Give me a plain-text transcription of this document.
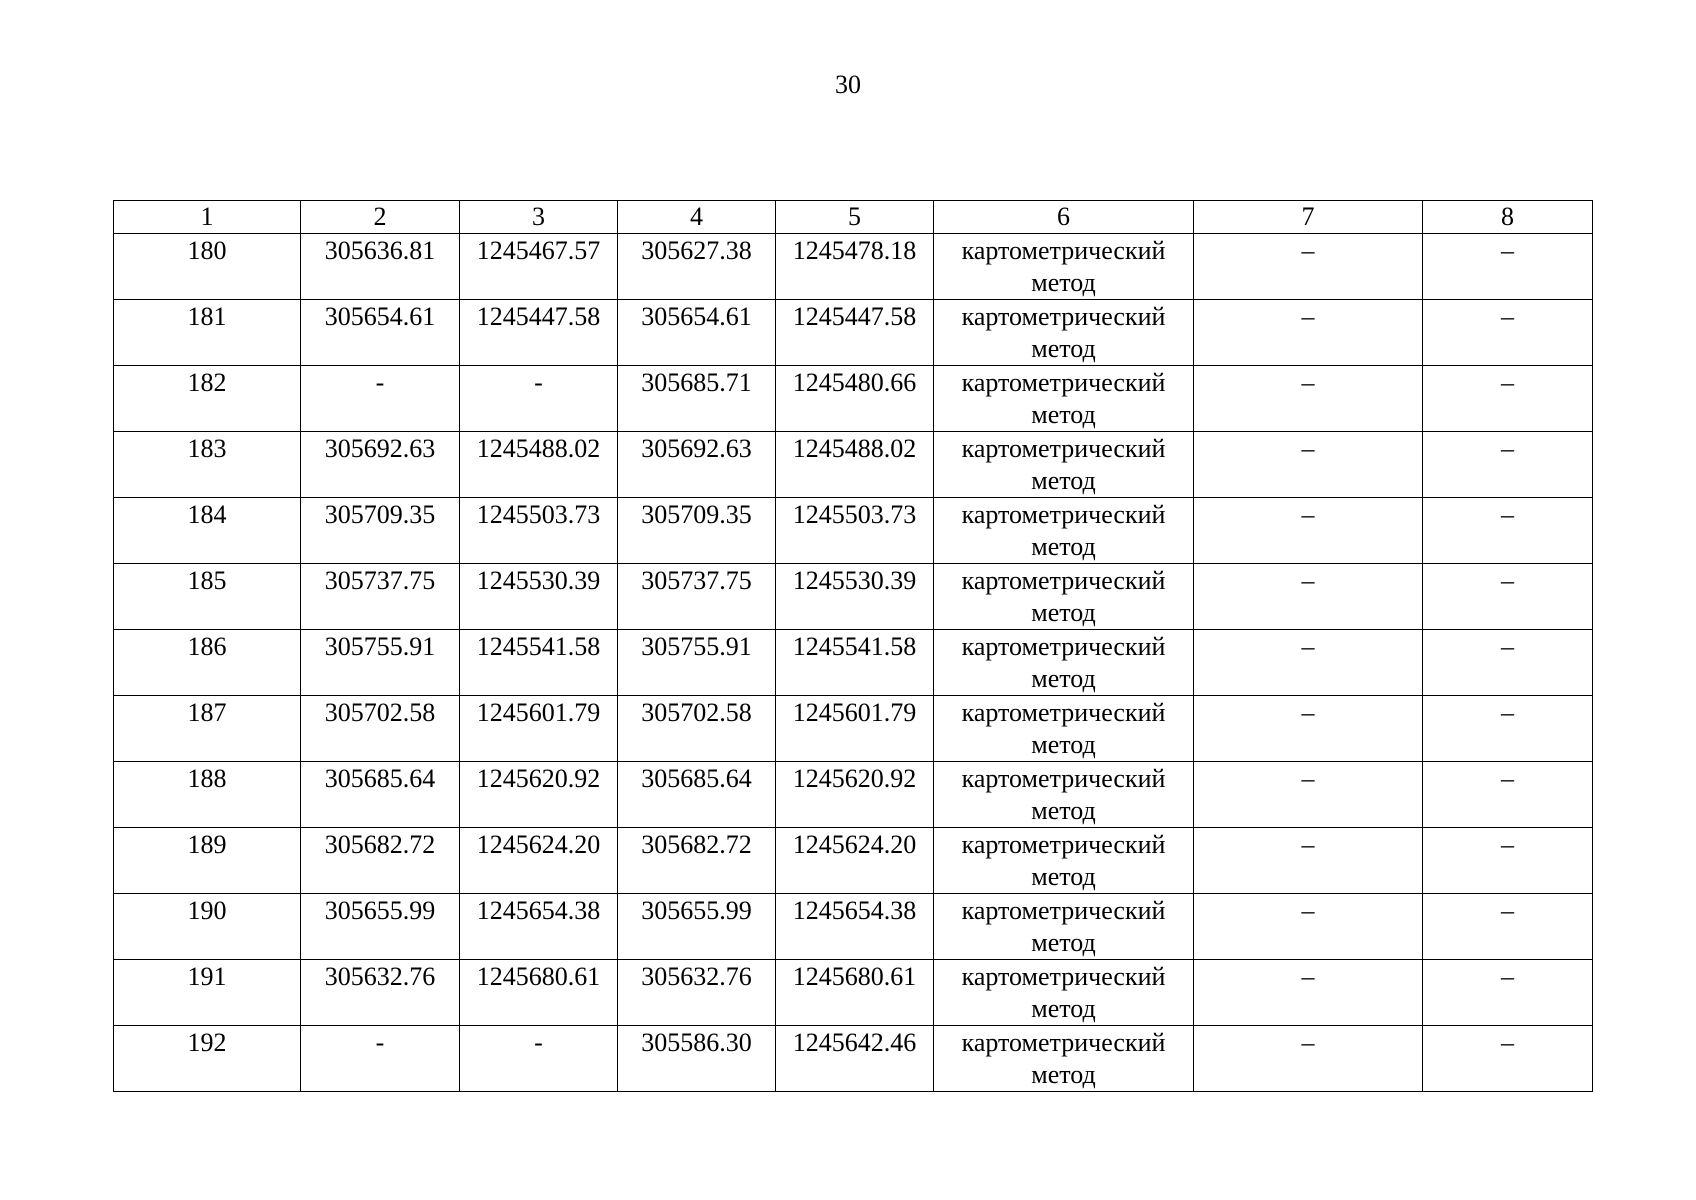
30
1	2	3	4	5	6	7	8
180	305636.81	1245467.57	305627.38	1245478.18	картометрический метод	–	–
181	305654.61	1245447.58	305654.61	1245447.58	картометрический метод	–	–
182	-	-	305685.71	1245480.66	картометрический метод	–	–
183	305692.63	1245488.02	305692.63	1245488.02	картометрический метод	–	–
184	305709.35	1245503.73	305709.35	1245503.73	картометрический метод	–	–
185	305737.75	1245530.39	305737.75	1245530.39	картометрический метод	–	–
186	305755.91	1245541.58	305755.91	1245541.58	картометрический метод	–	–
187	305702.58	1245601.79	305702.58	1245601.79	картометрический метод	–	–
188	305685.64	1245620.92	305685.64	1245620.92	картометрический метод	–	–
189	305682.72	1245624.20	305682.72	1245624.20	картометрический метод	–	–
190	305655.99	1245654.38	305655.99	1245654.38	картометрический метод	–	–
191	305632.76	1245680.61	305632.76	1245680.61	картометрический метод	–	–
192	-	-	305586.30	1245642.46	картометрический метод	–	–
